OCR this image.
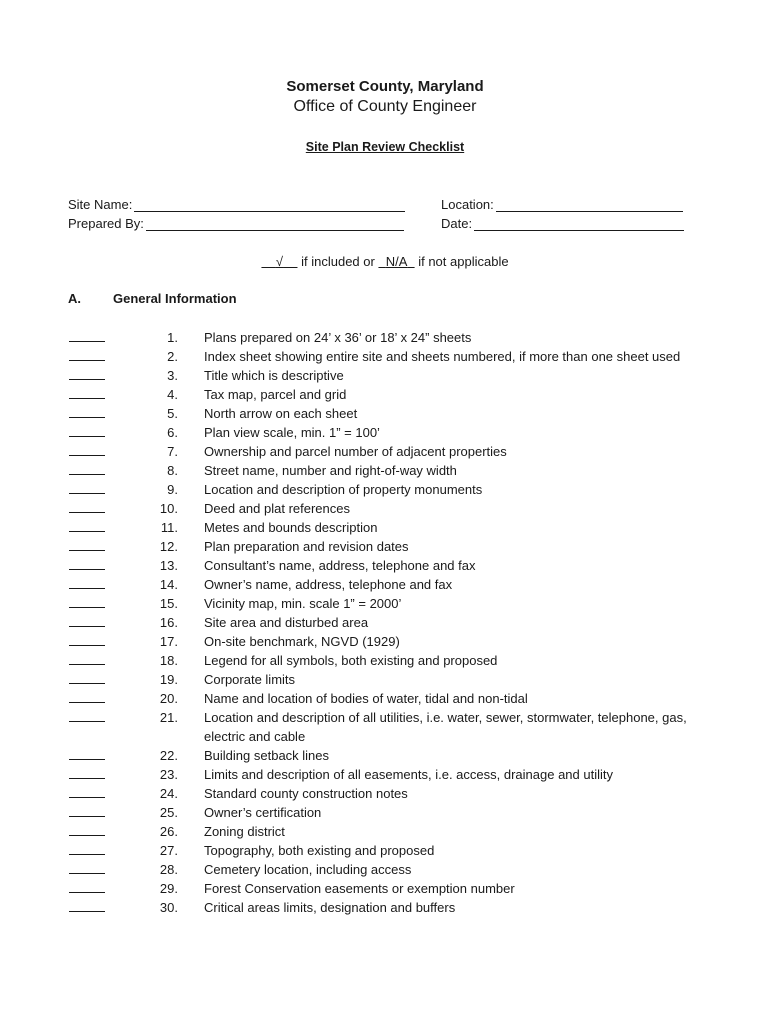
Somerset County, Maryland
Office of County Engineer
Site Plan Review Checklist
Site Name:
Prepared By:
Location:
Date:
√ if included or N/A if not applicable
A. General Information
1. Plans prepared on 24’ x 36’ or 18’ x 24” sheets
2. Index sheet showing entire site and sheets numbered, if more than one sheet used
3. Title which is descriptive
4. Tax map, parcel and grid
5. North arrow on each sheet
6. Plan view scale, min. 1” = 100’
7. Ownership and parcel number of adjacent properties
8. Street name, number and right-of-way width
9. Location and description of property monuments
10. Deed and plat references
11. Metes and bounds description
12. Plan preparation and revision dates
13. Consultant’s name, address, telephone and fax
14. Owner’s name, address, telephone and fax
15. Vicinity map, min. scale 1” = 2000’
16. Site area and disturbed area
17. On-site benchmark, NGVD (1929)
18. Legend for all symbols, both existing and proposed
19. Corporate limits
20. Name and location of bodies of water, tidal and non-tidal
21. Location and description of all utilities, i.e. water, sewer, stormwater, telephone, gas, electric and cable
22. Building setback lines
23. Limits and description of all easements, i.e. access, drainage and utility
24. Standard county construction notes
25. Owner’s certification
26. Zoning district
27. Topography, both existing and proposed
28. Cemetery location, including access
29. Forest Conservation easements or exemption number
30. Critical areas limits, designation and buffers
